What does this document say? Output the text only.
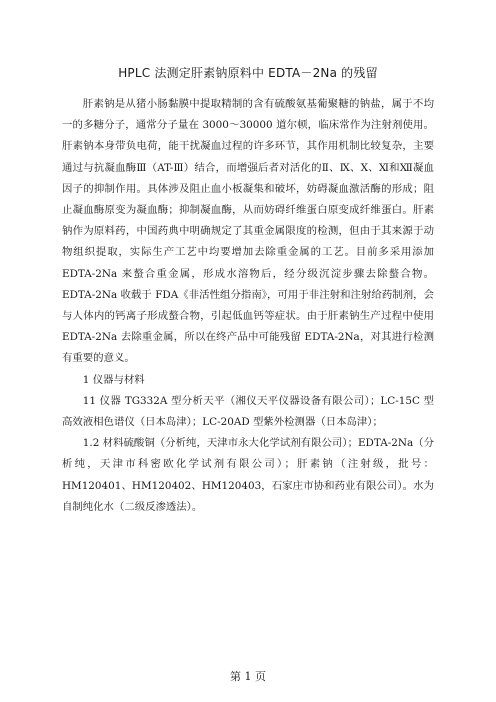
HPLC 法测定肝素钠原料中 EDTA－2Na 的残留

肝素钠是从猪小肠黏膜中提取精制的含有硫酸氨基葡聚糖的钠盐，属于不均一的多糖分子，通常分子量在 3000～30000 道尔顿，临床常作为注射剂使用。肝素钠本身带负电荷，能干扰凝血过程的许多环节，其作用机制比较复杂，主要通过与抗凝血酶Ⅲ（AT-Ⅲ）结合，而增强后者对活化的Ⅱ、Ⅸ、Ⅹ、Ⅺ和Ⅻ凝血因子的抑制作用。具体涉及阻止血小板凝集和破坏，妨碍凝血激活酶的形成；阻止凝血酶原变为凝血酶；抑制凝血酶，从而妨碍纤维蛋白原变成纤维蛋白。肝素钠作为原料药，中国药典中明确规定了其重金属限度的检测，但由于其来源于动物组织提取，实际生产工艺中均要增加去除重金属的工艺。目前多采用添加 EDTA-2Na 来螯合重金属，形成水溶物后，经分级沉淀步骤去除螯合物。EDTA-2Na 收载于 FDA《非活性组分指南》，可用于非注射和注射给药制剂，会与人体内的钙离子形成螯合物，引起低血钙等症状。由于肝素钠生产过程中使用 EDTA-2Na 去除重金属，所以在终产品中可能残留 EDTA-2Na，对其进行检测有重要的意义。

1 仪器与材料

11 仪器 TG332A 型分析天平（湘仪天平仪器设备有限公司）；LC-15C 型高效液相色谱仪（日本岛津）；LC-20AD 型紫外检测器（日本岛津）；

1.2 材料硫酸铜（分析纯，天津市永大化学试剂有限公司）；EDTA-2Na（分析纯，天津市科密欧化学试剂有限公司）；肝素钠（注射级，批号：HM120401、HM120402、HM120403，石家庄市协和药业有限公司）。水为自制纯化水（二级反渗透法）。

第 1 页
